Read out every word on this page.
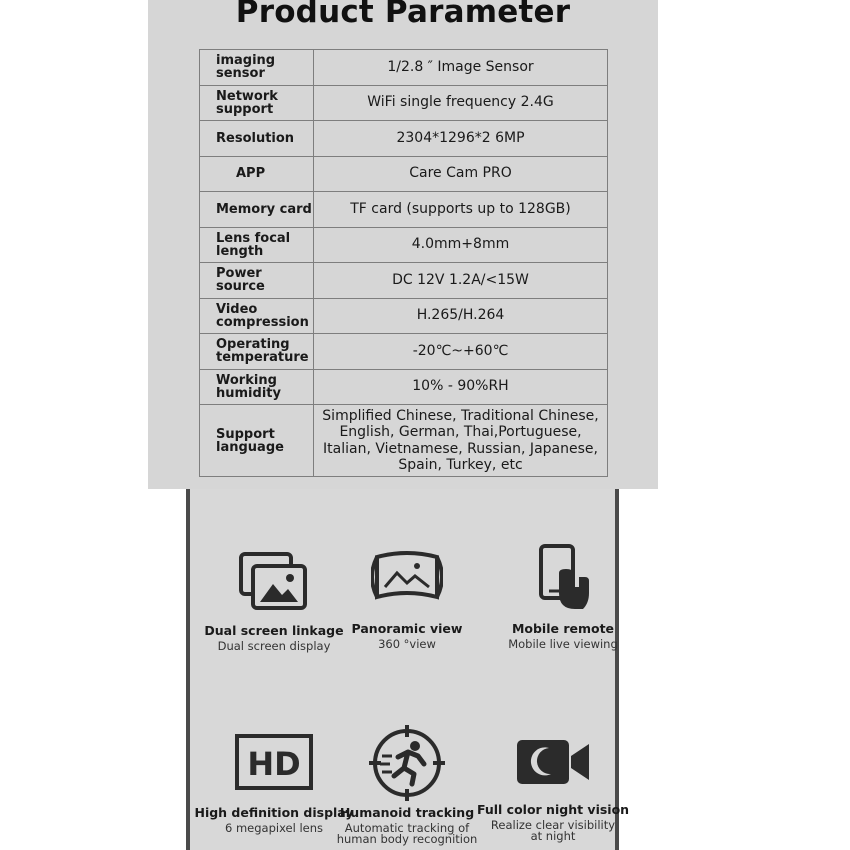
Product Parameter
imaging sensor	1/2.8 ″ Image Sensor
Network support	WiFi single frequency 2.4G
Resolution	2304*1296*2 6MP
APP	Care Cam PRO
Memory card	TF card (supports up to 128GB)
Lens focal length	4.0mm+8mm
Power source	DC 12V 1.2A/<15W
Video compression	H.265/H.264
Operating temperature	-20℃~+60℃
Working humidity	10% - 90%RH
Support language	Simplified Chinese, Traditional Chinese, English, German, Thai,Portuguese, Italian, Vietnamese, Russian, Japanese, Spain, Turkey, etc
Dual screen linkage
Dual screen display
Panoramic view
360 °view
Mobile remote
Mobile live viewing
HD
High definition display
6 megapixel lens
Humanoid tracking
Automatic tracking of
human body recognition
Full color night vision
Realize clear visibility
at night
